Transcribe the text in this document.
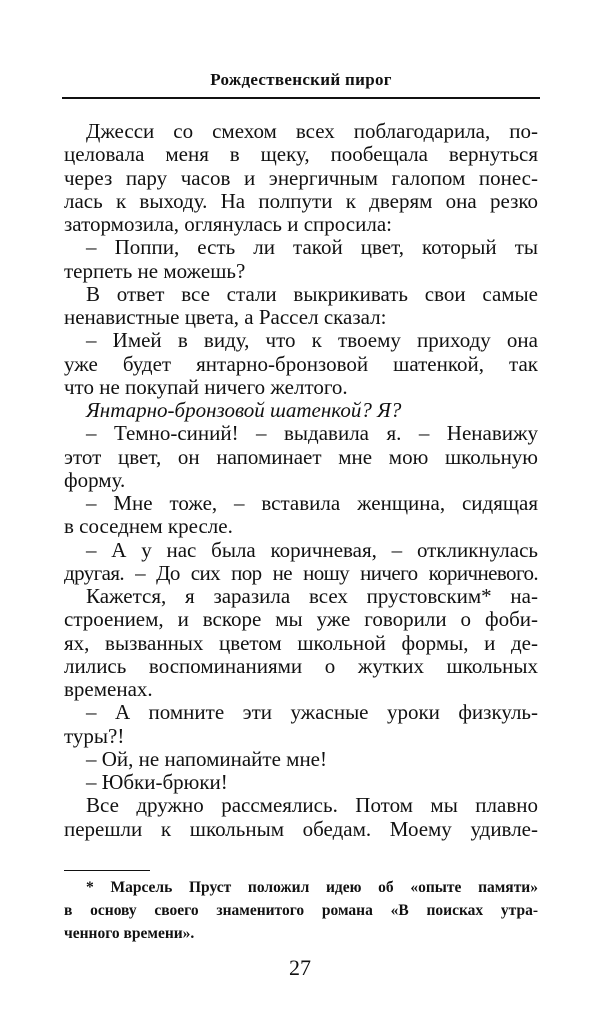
Рождественский пирог
Джесси со смехом всех поблагодарила, по-
целовала меня в щеку, пообещала вернуться
через пару часов и энергичным галопом понес-
лась к выходу. На полпути к дверям она резко
затормозила, оглянулась и спросила:
– Поппи, есть ли такой цвет, который ты
терпеть не можешь?
В ответ все стали выкрикивать свои самые
ненавистные цвета, а Рассел сказал:
– Имей в виду, что к твоему приходу она
уже будет янтарно-бронзовой шатенкой, так
что не покупай ничего желтого.
Янтарно-бронзовой шатенкой? Я?
– Темно-синий! – выдавила я. – Ненавижу
этот цвет, он напоминает мне мою школьную
форму.
– Мне тоже, – вставила женщина, сидящая
в соседнем кресле.
– А у нас была коричневая, – откликнулась
другая. – До сих пор не ношу ничего коричневого.
Кажется, я заразила всех прустовским* на-
строением, и вскоре мы уже говорили о фоби-
ях, вызванных цветом школьной формы, и де-
лились воспоминаниями о жутких школьных
временах.
– А помните эти ужасные уроки физкуль-
туры?!
– Ой, не напоминайте мне!
– Юбки-брюки!
Все дружно рассмеялись. Потом мы плавно
перешли к школьным обедам. Моему удивле-
* Марсель Пруст положил идею об «опыте памяти»
в основу своего знаменитого романа «В поисках утра-
ченного времени».
27
